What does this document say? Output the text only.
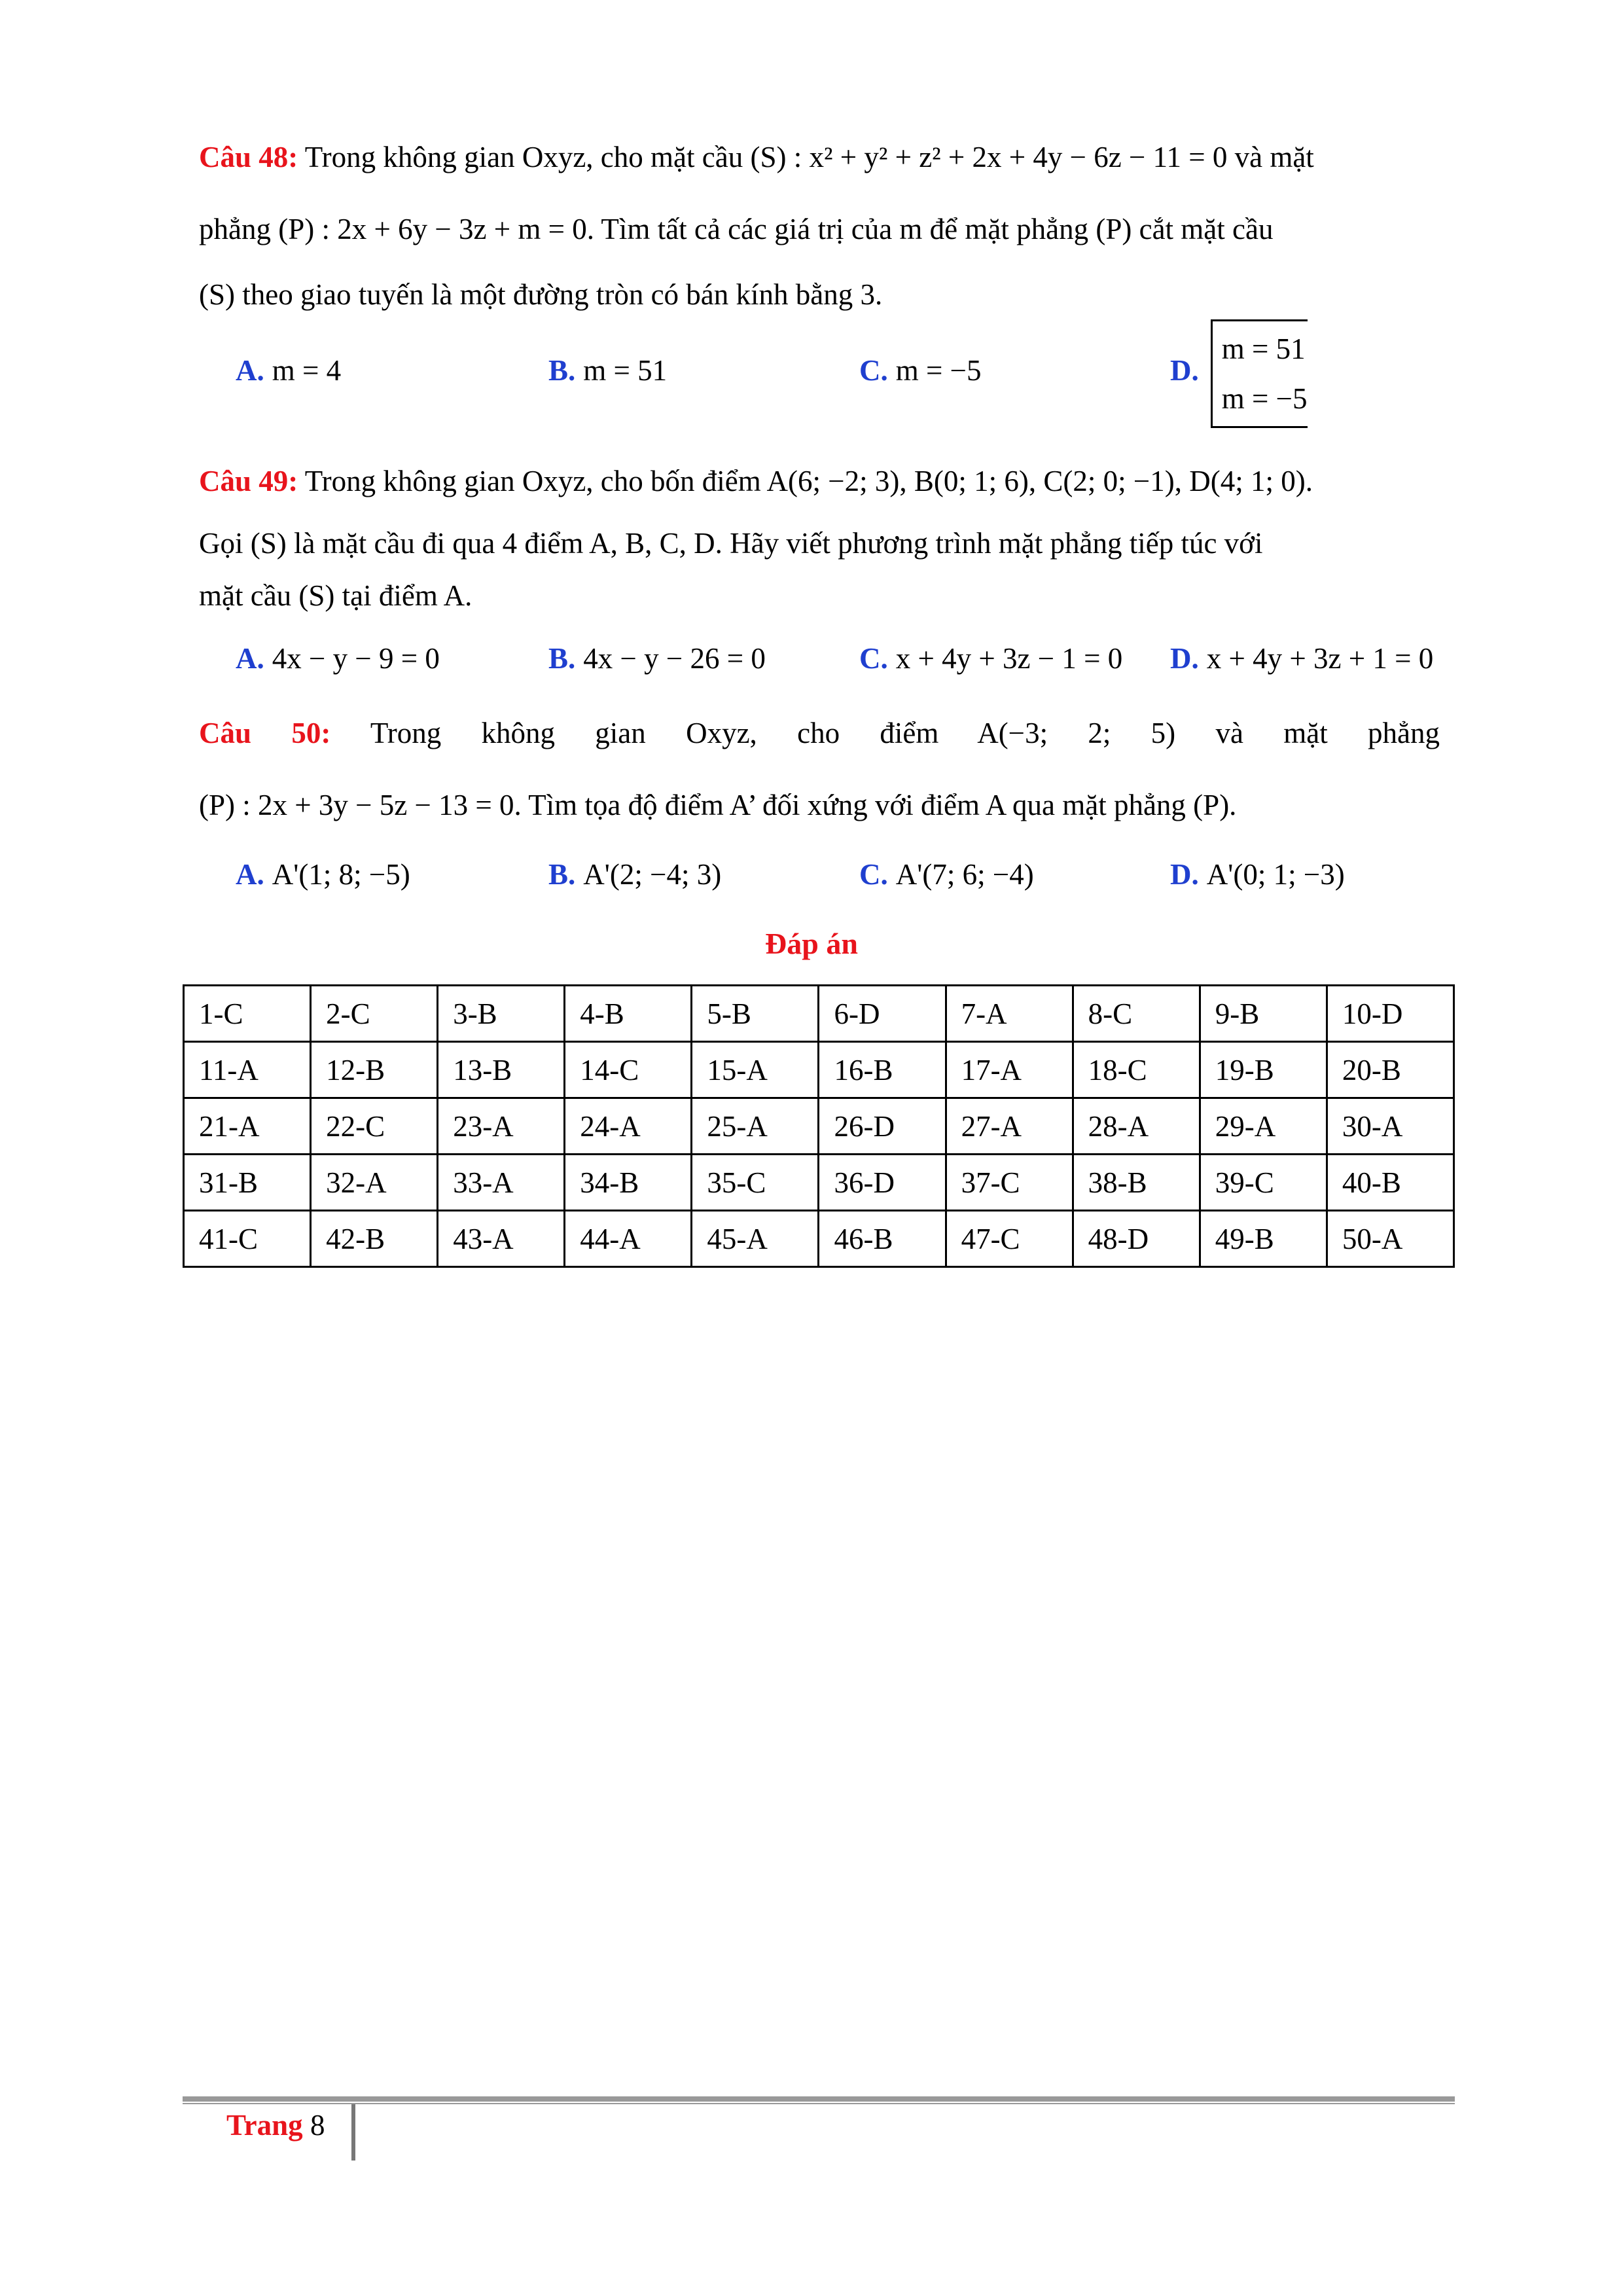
Câu 48: Trong không gian Oxyz, cho mặt cầu (S) : x² + y² + z² + 2x + 4y − 6z − 11 = 0 và mặt

phẳng (P) : 2x + 6y − 3z + m = 0. Tìm tất cả các giá trị của m để mặt phẳng (P) cắt mặt cầu

(S) theo giao tuyến là một đường tròn có bán kính bằng 3.

A. m = 4	B. m = 51	C. m = −5	D.m = 51
m = −5

Câu 49: Trong không gian Oxyz, cho bốn điểm A(6; −2; 3), B(0; 1; 6), C(2; 0; −1), D(4; 1; 0).

Gọi (S) là mặt cầu đi qua 4 điểm A, B, C, D. Hãy viết phương trình mặt phẳng tiếp túc với

mặt cầu (S) tại điểm A.

A. 4x − y − 9 = 0	B. 4x − y − 26 = 0	C. x + 4y + 3z − 1 = 0 D. x + 4y + 3z + 1 = 0

Câu 50: Trong không gian Oxyz, cho điểm A(−3; 2; 5) và mặt phẳng

(P) : 2x + 3y − 5z − 13 = 0. Tìm tọa độ điểm A’ đối xứng với điểm A qua mặt phẳng (P).

A. A'(1; 8; −5)	B. A'(2; −4; 3)	C. A'(7; 6; −4)	D. A'(0; 1; −3)
Đáp án
1-C	2-C	3-B	4-B	5-B	6-D	7-A	8-C	9-B	10-D
11-A	12-B	13-B	14-C	15-A	16-B	17-A	18-C	19-B	20-B
21-A	22-C	23-A	24-A	25-A	26-D	27-A	28-A	29-A	30-A
31-B	32-A	33-A	34-B	35-C	36-D	37-C	38-B	39-C	40-B
41-C	42-B	43-A	44-A	45-A	46-B	47-C	48-D	49-B	50-A
Trang 8
